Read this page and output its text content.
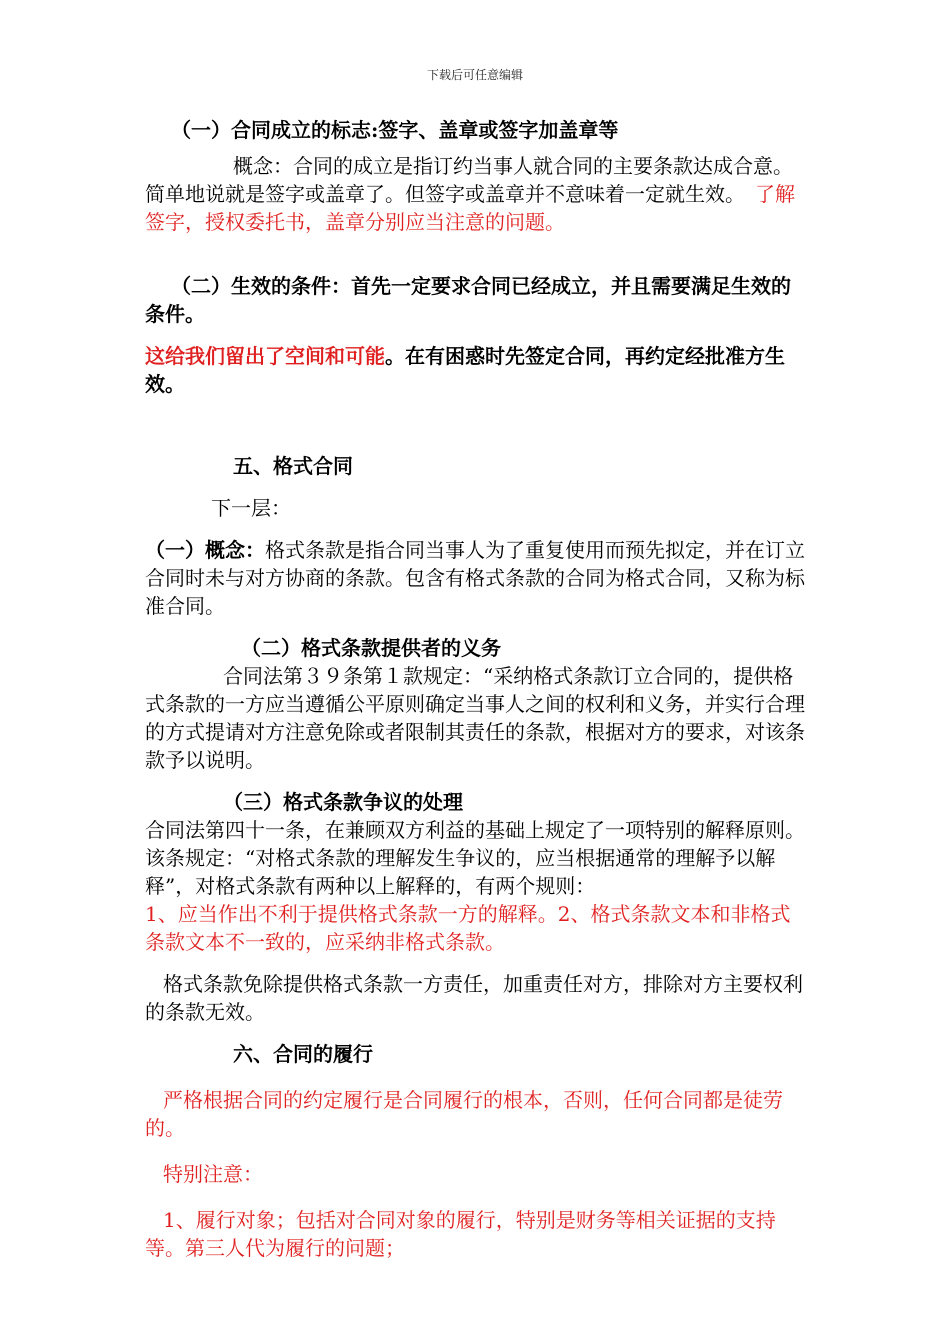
下载后可任意编辑

（一）合同成立的标志:签字、盖章或签字加盖章等

概念：合同的成立是指订约当事人就合同的主要条款达成合意。　　简单地说就是签字或盖章了。但签字或盖章并不意味着一定就生效。　了解签字，授权委托书，盖章分别应当注意的问题。

（二）生效的条件：首先一定要求合同已经成立，并且需要满足生效的条件。

这给我们留出了空间和可能。在有困惑时先签定合同，再约定经批准方生效。

五、格式合同

下一层：

（一）概念：格式条款是指合同当事人为了重复使用而预先拟定，并在订立合同时未与对方协商的条款。包含有格式条款的合同为格式合同，又称为标准合同。

（二）格式条款提供者的义务

合同法第３９条第１款规定：“采纳格式条款订立合同的，提供格式条款的一方应当遵循公平原则确定当事人之间的权利和义务，并实行合理的方式提请对方注意免除或者限制其责任的条款，根据对方的要求，对该条款予以说明。

（三）格式条款争议的处理

合同法第四十一条，在兼顾双方利益的基础上规定了一项特别的解释原则。该条规定：“对格式条款的理解发生争议的，应当根据通常的理解予以解释”，对格式条款有两种以上解释的，有两个规则：

1、应当作出不利于提供格式条款一方的解释。2、格式条款文本和非格式条款文本不一致的，应采纳非格式条款。

格式条款免除提供格式条款一方责任，加重责任对方，排除对方主要权利的条款无效。

六、合同的履行

严格根据合同的约定履行是合同履行的根本，否则，任何合同都是徒劳的。

特别注意：

1、履行对象；包括对合同对象的履行，特别是财务等相关证据的支持等。第三人代为履行的问题；
